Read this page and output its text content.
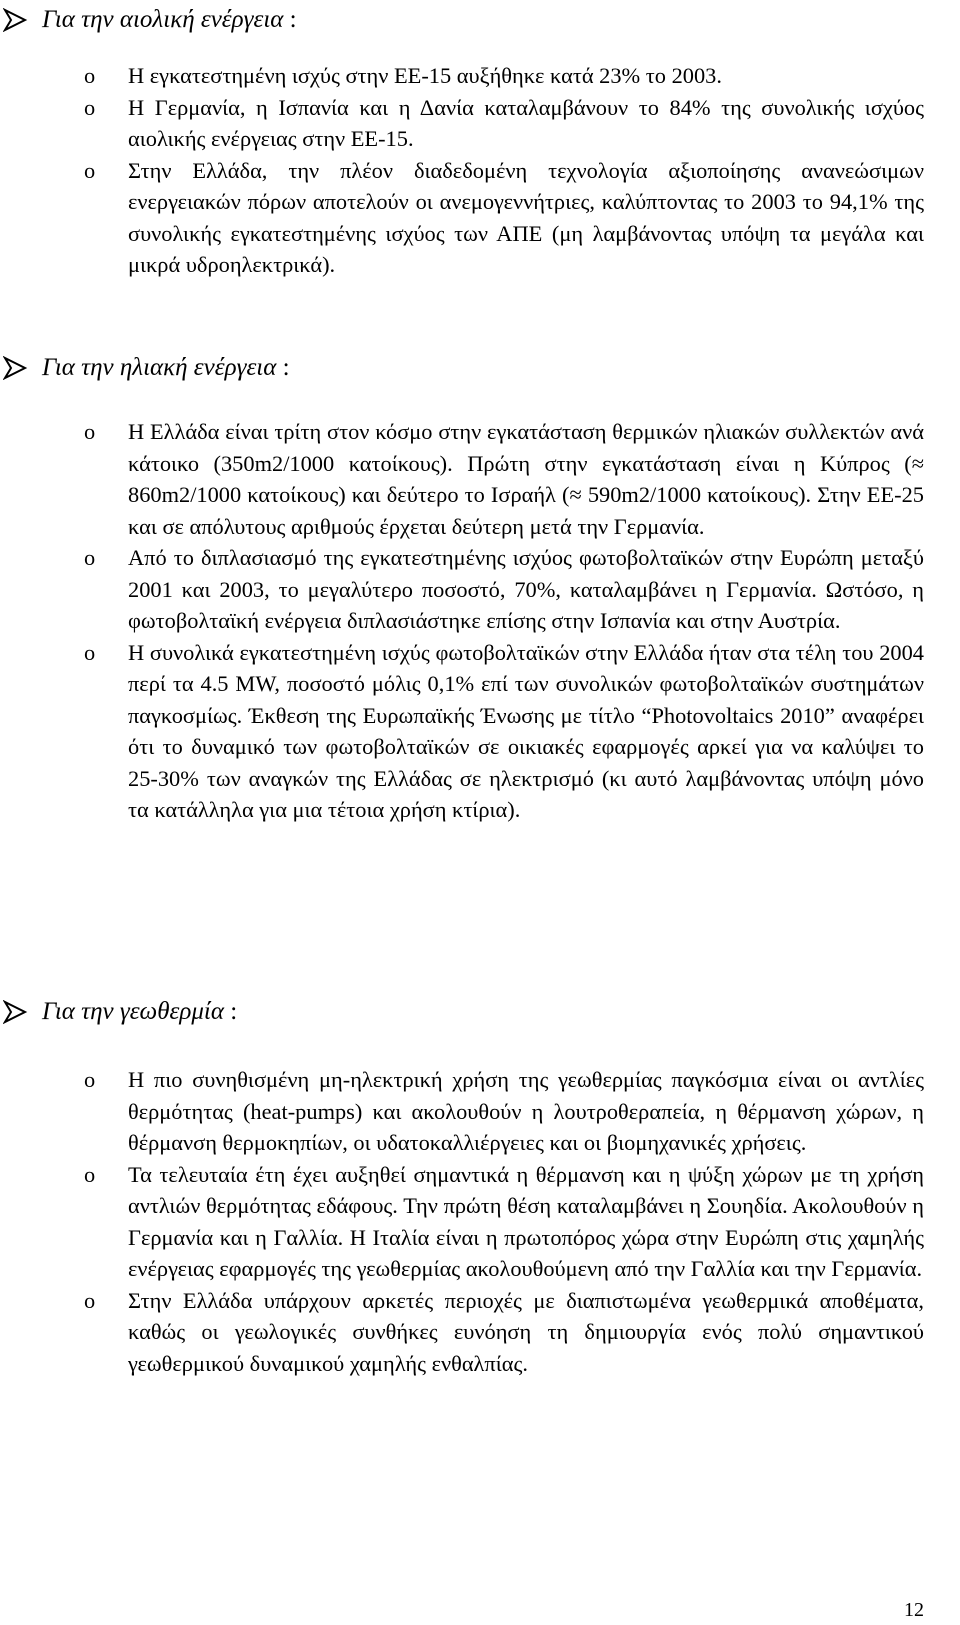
Για την αιολική ενέργεια :
o Η εγκατεστημένη ισχύς στην ΕΕ-15 αυξήθηκε κατά 23% το 2003.
o Η Γερμανία, η Ισπανία και η Δανία καταλαμβάνουν το 84% της συνολικής ισχύος αιολικής ενέργειας στην ΕΕ-15.
o Στην Ελλάδα, την πλέον διαδεδομένη τεχνολογία αξιοποίησης ανανεώσιμων ενεργειακών πόρων αποτελούν οι ανεμογεννήτριες, καλύπτοντας το 2003 το 94,1% της συνολικής εγκατεστημένης ισχύος των ΑΠΕ (μη λαμβάνοντας υπόψη τα μεγάλα και μικρά υδροηλεκτρικά).
Για την ηλιακή ενέργεια :
o Η Ελλάδα είναι τρίτη στον κόσμο στην εγκατάσταση θερμικών ηλιακών συλλεκτών ανά κάτοικο (350m2/1000 κατοίκους). Πρώτη στην εγκατάσταση είναι η Κύπρος (≈ 860m2/1000 κατοίκους) και δεύτερο το Ισραήλ (≈ 590m2/1000 κατοίκους). Στην ΕΕ-25 και σε απόλυτους αριθμούς έρχεται δεύτερη μετά την Γερμανία.
o Από το διπλασιασμό της εγκατεστημένης ισχύος φωτοβολταϊκών στην Ευρώπη μεταξύ 2001 και 2003, το μεγαλύτερο ποσοστό, 70%, καταλαμβάνει η Γερμανία. Ωστόσο, η φωτοβολταϊκή ενέργεια διπλασιάστηκε επίσης στην Ισπανία και στην Αυστρία.
o Η συνολικά εγκατεστημένη ισχύς φωτοβολταϊκών στην Ελλάδα ήταν στα τέλη του 2004 περί τα 4.5 MW, ποσοστό μόλις 0,1% επί των συνολικών φωτοβολταϊκών συστημάτων παγκοσμίως. Έκθεση της Ευρωπαϊκής Ένωσης με τίτλο “Photovoltaics 2010” αναφέρει ότι το δυναμικό των φωτοβολταϊκών σε οικιακές εφαρμογές αρκεί για να καλύψει το 25-30% των αναγκών της Ελλάδας σε ηλεκτρισμό (κι αυτό λαμβάνοντας υπόψη μόνο τα κατάλληλα για μια τέτοια χρήση κτίρια).
Για την γεωθερμία :
o Η πιο συνηθισμένη μη-ηλεκτρική χρήση της γεωθερμίας παγκόσμια είναι οι αντλίες θερμότητας (heat-pumps) και ακολουθούν η λουτροθεραπεία, η θέρμανση χώρων, η θέρμανση θερμοκηπίων, οι υδατοκαλλιέργειες και οι βιομηχανικές χρήσεις.
o Τα τελευταία έτη έχει αυξηθεί σημαντικά η θέρμανση και η ψύξη χώρων με τη χρήση αντλιών θερμότητας εδάφους. Την πρώτη θέση καταλαμβάνει η Σουηδία. Ακολουθούν η Γερμανία και η Γαλλία. Η Ιταλία είναι η πρωτοπόρος χώρα στην Ευρώπη στις χαμηλής ενέργειας εφαρμογές της γεωθερμίας ακολουθούμενη από την Γαλλία και την Γερμανία.
o Στην Ελλάδα υπάρχουν αρκετές περιοχές με διαπιστωμένα γεωθερμικά αποθέματα, καθώς οι γεωλογικές συνθήκες ευνόηση τη δημιουργία ενός πολύ σημαντικού γεωθερμικού δυναμικού χαμηλής ενθαλπίας.
12
